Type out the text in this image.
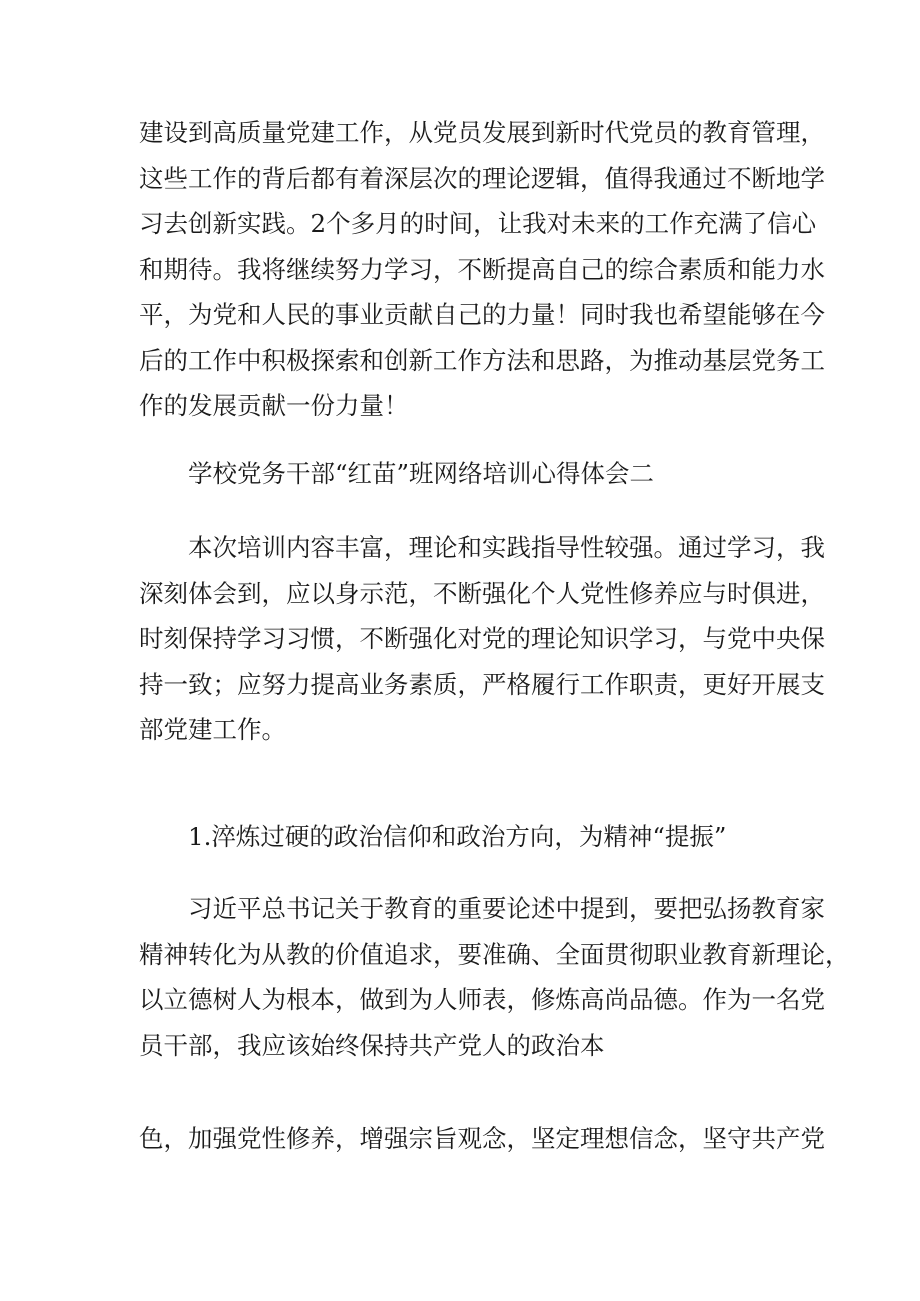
建设到高质量党建工作，从党员发展到新时代党员的教育管理，
这些工作的背后都有着深层次的理论逻辑，值得我通过不断地学
习去创新实践。2个多月的时间，让我对未来的工作充满了信心
和期待。我将继续努力学习，不断提高自己的综合素质和能力水
平，为党和人民的事业贡献自己的力量！同时我也希望能够在今
后的工作中积极探索和创新工作方法和思路，为推动基层党务工
作的发展贡献一份力量！
学校党务干部“红苗”班网络培训心得体会二
本次培训内容丰富，理论和实践指导性较强。通过学习，我
深刻体会到，应以身示范，不断强化个人党性修养应与时俱进，
时刻保持学习习惯，不断强化对党的理论知识学习，与党中央保
持一致；应努力提高业务素质，严格履行工作职责，更好开展支
部党建工作。
1.淬炼过硬的政治信仰和政治方向，为精神“提振”
习近平总书记关于教育的重要论述中提到，要把弘扬教育家
精神转化为从教的价值追求，要准确、全面贯彻职业教育新理论，
以立德树人为根本，做到为人师表，修炼高尚品德。作为一名党
员干部，我应该始终保持共产党人的政治本
色，加强党性修养，增强宗旨观念，坚定理想信念，坚守共产党
